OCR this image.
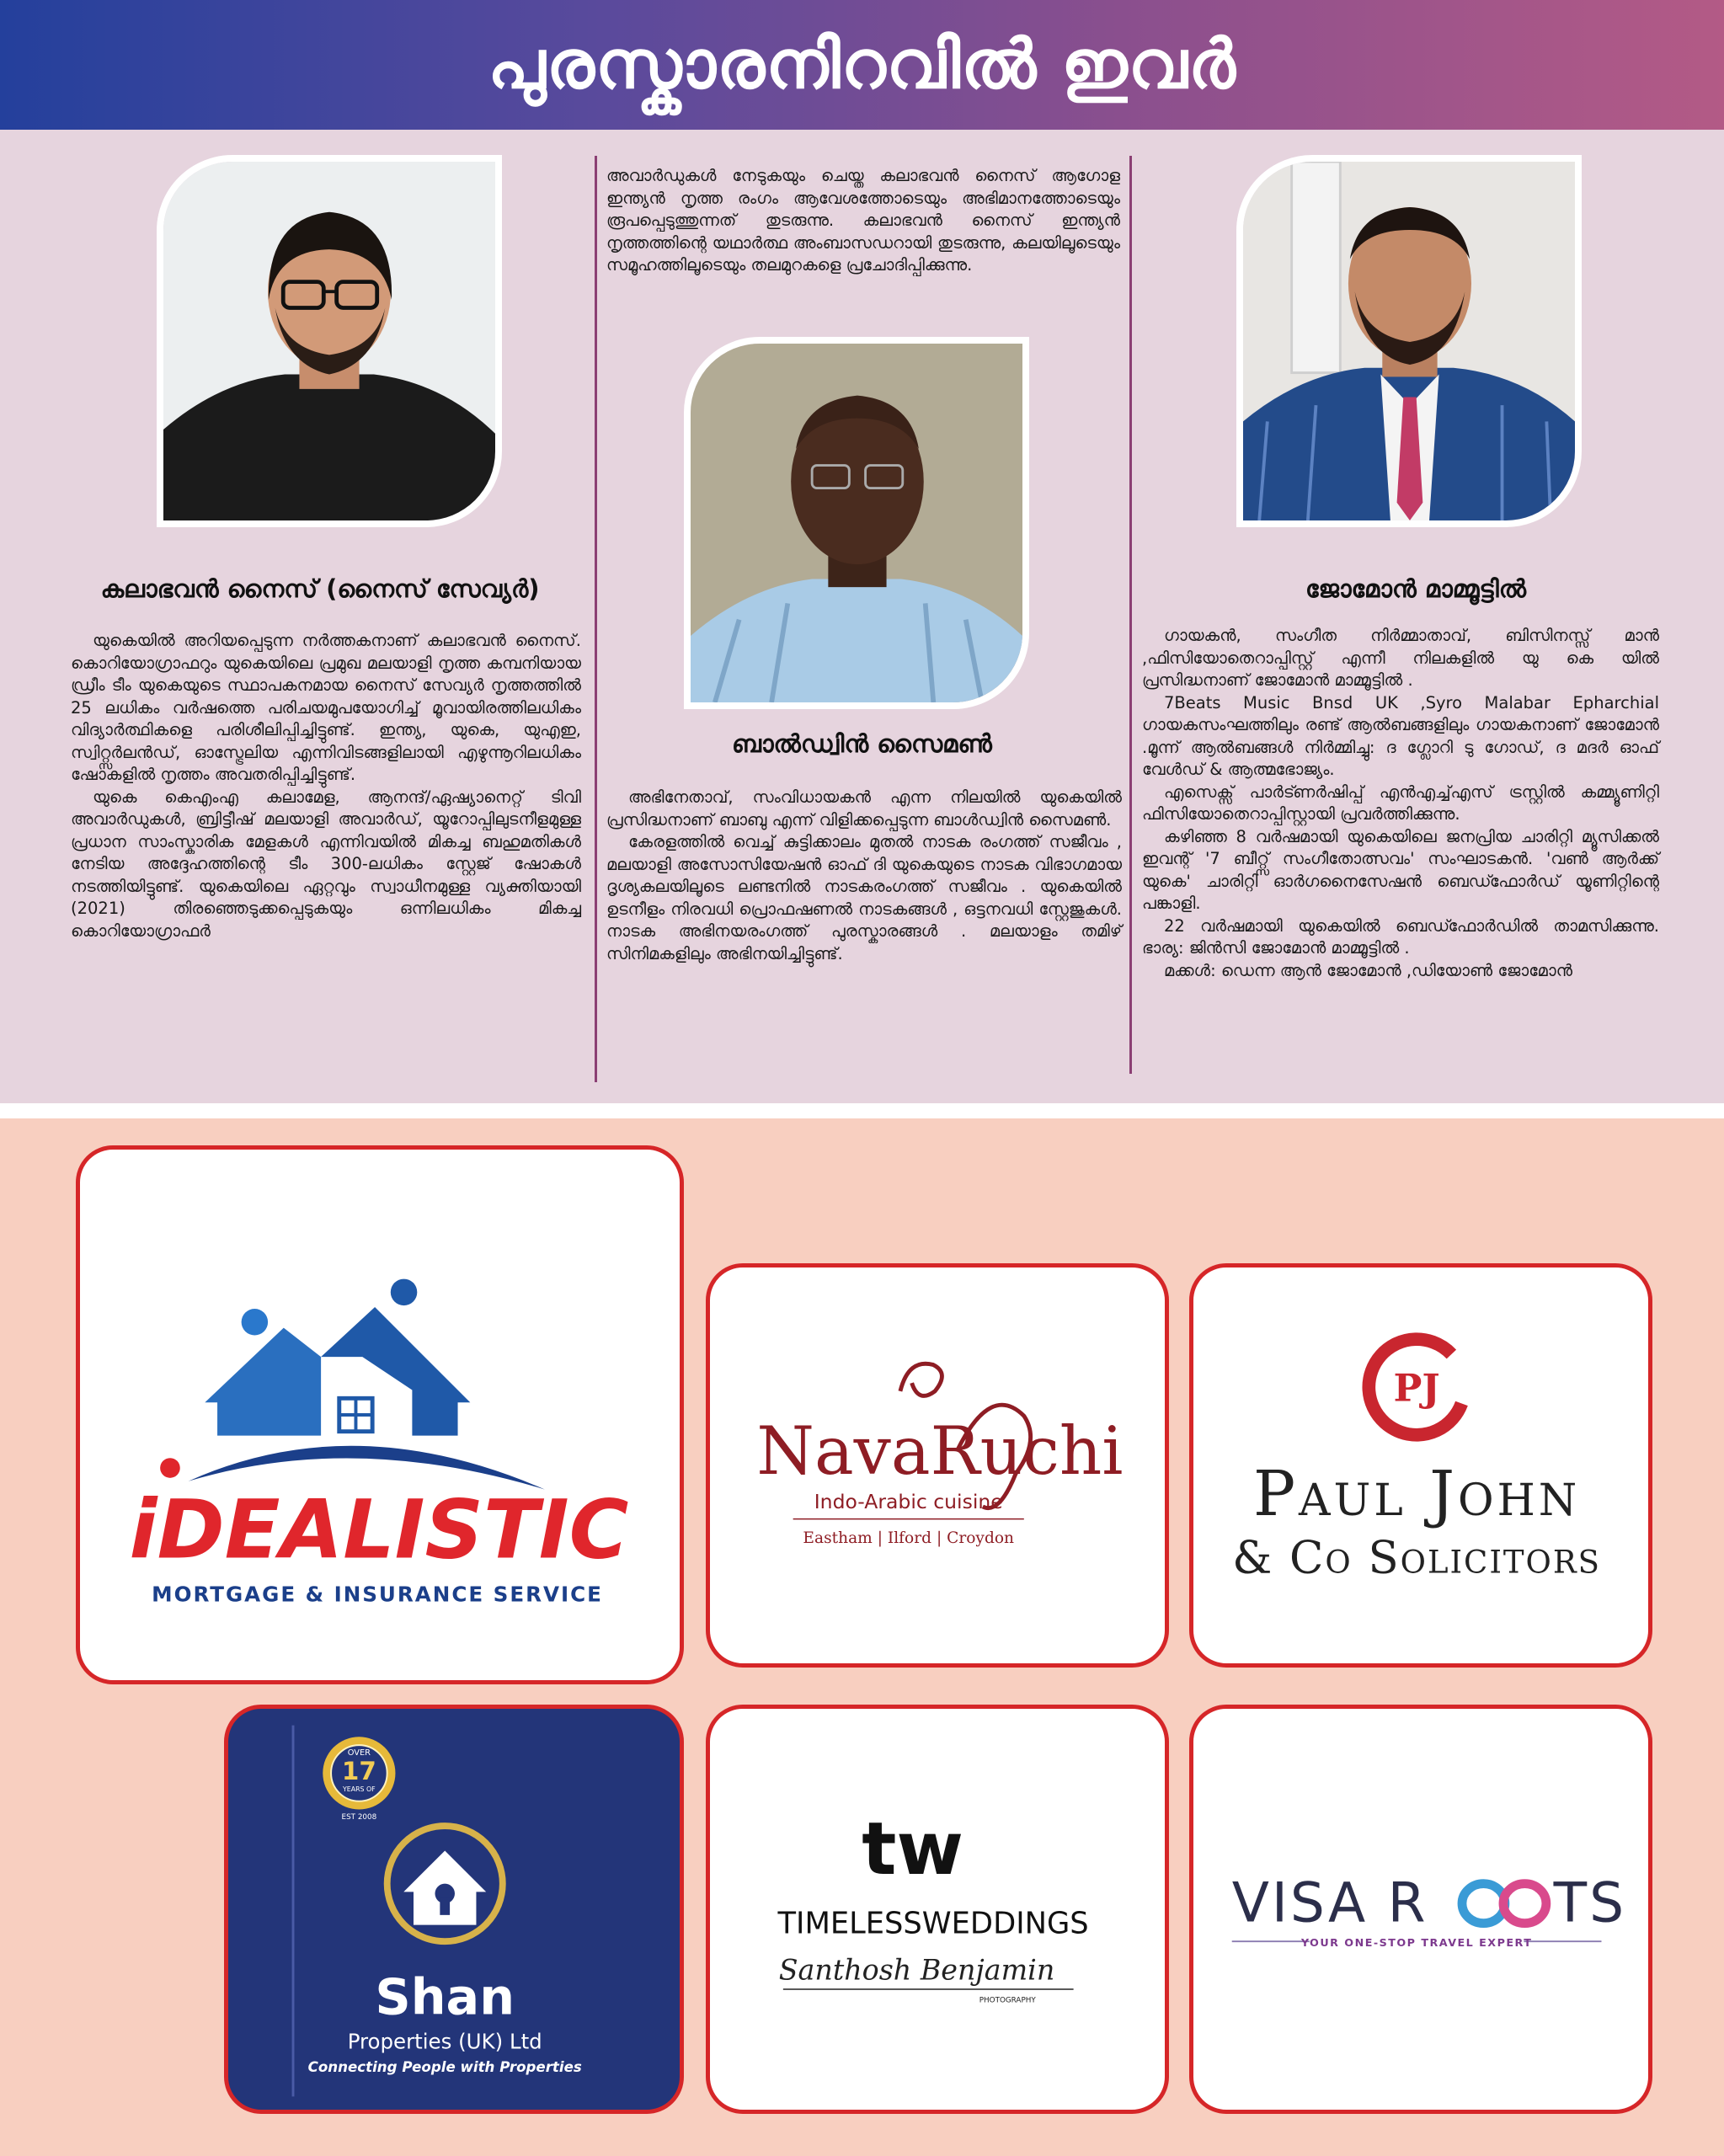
പുരസ്കാരനിറവിൽ ഇവർ
കലാഭവൻ നൈസ് (നൈസ് സേവ്യർ)

യുകെയിൽ അറിയപ്പെടുന്ന നർത്തകനാണ് കലാഭവൻ നൈസ്. കൊറിയോഗ്രാഫറും യുകെയിലെ പ്രമുഖ മലയാളി നൃത്ത കമ്പനിയായ ഡ്രീം ടീം യുകെയുടെ സ്ഥാപകനമായ നൈസ് സേവ്യർ നൃത്തത്തിൽ 25 ലധികം വർഷത്തെ പരിചയമുപയോഗിച്ച് മൂവായിരത്തിലധികം വിദ്യാർത്ഥികളെ പരിശീലിപ്പിച്ചിട്ടുണ്ട്. ഇന്ത്യ, യുകെ, യുഎഇ, സ്വിറ്റ്സർലൻഡ്, ഓസ്ട്രേലിയ എന്നിവിടങ്ങളിലായി എഴുന്നൂറിലധികം ഷോകളിൽ നൃത്തം അവതരിപ്പിച്ചിട്ടുണ്ട്.

യുകെ കെഎംഎ കലാമേള, ആനന്ദ്/ഏഷ്യാനെറ്റ് ടിവി അവാർഡുകൾ, ബ്രിട്ടീഷ് മലയാളി അവാർഡ്, യൂറോപ്പിലുടനീളമുള്ള പ്രധാന സാംസ്കാരിക മേളകൾ എന്നിവയിൽ മികച്ച ബഹുമതികൾ നേടിയ അദ്ദേഹത്തിന്റെ ടീം 300-ലധികം സ്റ്റേജ് ഷോകൾ നടത്തിയിട്ടുണ്ട്. യുകെയിലെ ഏറ്റവും സ്വാധീനമുള്ള വ്യക്തിയായി (2021) തിരഞ്ഞെടുക്കപ്പെടുകയും ഒന്നിലധികം മികച്ച കൊറിയോഗ്രാഫർ

അവാർഡുകൾ നേടുകയും ചെയ്ത കലാഭവൻ നൈസ് ആഗോള ഇന്ത്യൻ നൃത്ത രംഗം ആവേശത്തോടെയും അഭിമാനത്തോടെയും രൂപപ്പെടുത്തുന്നത് തുടരുന്നു. കലാഭവൻ നൈസ് ഇന്ത്യൻ നൃത്തത്തിന്റെ യഥാർത്ഥ അംബാസഡറായി തുടരുന്നു, കലയിലൂടെയും സമൂഹത്തിലൂടെയും തലമുറകളെ പ്രചോദിപ്പിക്കുന്നു.

ബാൽഡ്വിൻ സൈമൺ

അഭിനേതാവ്, സംവിധായകൻ എന്ന നിലയിൽ യുകെയിൽ പ്രസിദ്ധനാണ് ബാബു എന്ന് വിളിക്കപ്പെടുന്ന ബാൾഡ്വിൻ സൈമൺ.

കേരളത്തിൽ വെച്ച് കുട്ടിക്കാലം മുതൽ നാടക രംഗത്ത് സജീവം , മലയാളി അസോസിയേഷൻ ഓഫ് ദി യുകെയുടെ നാടക വിഭാഗമായ ദൃശ്യകലയിലൂടെ ലണ്ടനിൽ നാടകരംഗത്ത് സജീവം . യുകെയിൽ ഉടനീളം നിരവധി പ്രൊഫഷണൽ നാടകങ്ങൾ , ഒട്ടനവധി സ്റ്റേജുകൾ. നാടക അഭിനയരംഗത്ത് പുരസ്കാരങ്ങൾ . മലയാളം തമിഴ് സിനിമകളിലും അഭിനയിച്ചിട്ടുണ്ട്.

ജോമോൻ മാമ്മൂട്ടിൽ

ഗായകൻ, സംഗീത നിർമ്മാതാവ്, ബിസിനസ്സ് മാൻ ,ഫിസിയോതെറാപ്പിസ്റ്റ് എന്നീ നിലകളിൽ യു കെ യിൽ പ്രസിദ്ധനാണ് ജോമോൻ മാമ്മൂട്ടിൽ .

7Beats Music Bnsd UK ,Syro Malabar Epharchial ഗായകസംഘത്തിലും രണ്ട് ആൽബങ്ങളിലും ഗായകനാണ് ജോമോൻ .മൂന്ന് ആൽബങ്ങൾ നിർമ്മിച്ചു: ദ ഗ്ലോറി ടു ഗോഡ്, ദ മദർ ഓഫ് വേൾഡ് & ആത്മഭോജ്യം.

എസെക്സ് പാർട്ണർഷിപ്പ് എൻഎച്ച്എസ് ട്രസ്റ്റിൽ കമ്മ്യൂണിറ്റി ഫിസിയോതെറാപ്പിസ്റ്റായി പ്രവർത്തിക്കുന്നു.

കഴിഞ്ഞ 8 വർഷമായി യുകെയിലെ ജനപ്രിയ ചാരിറ്റി മ്യൂസിക്കൽ ഇവന്റ് '7 ബീറ്റ്സ് സംഗീതോത്സവം' സംഘാടകൻ. 'വൺ ആർക്ക് യുകെ' ചാരിറ്റി ഓർഗനൈസേഷൻ ബെഡ്ഫോർഡ് യൂണിറ്റിന്റെ പങ്കാളി.

22 വർഷമായി യുകെയിൽ ബെഡ്ഫോർഡിൽ താമസിക്കുന്നു. ഭാര്യ: ജിൻസി ജോമോൻ മാമ്മൂട്ടിൽ .

മക്കൾ: ഡെന്ന ആൻ ജോമോൻ ,ഡിയോൺ ജോമോൻ

iDEALISTIC
MORTGAGE & INSURANCE SERVICE
NavaRuchi
Indo-Arabic cuisine
Eastham | Ilford | Croydon
PJ
Paul John
& Co Solicitors
OVER
17
YEARS OF
EST 2008
Shan
Properties (UK) Ltd
Connecting People with Properties
tw
TIMELESSWEDDINGS
Santhosh Benjamin
PHOTOGRAPHY
VISA R TS
YOUR ONE-STOP TRAVEL EXPERT
